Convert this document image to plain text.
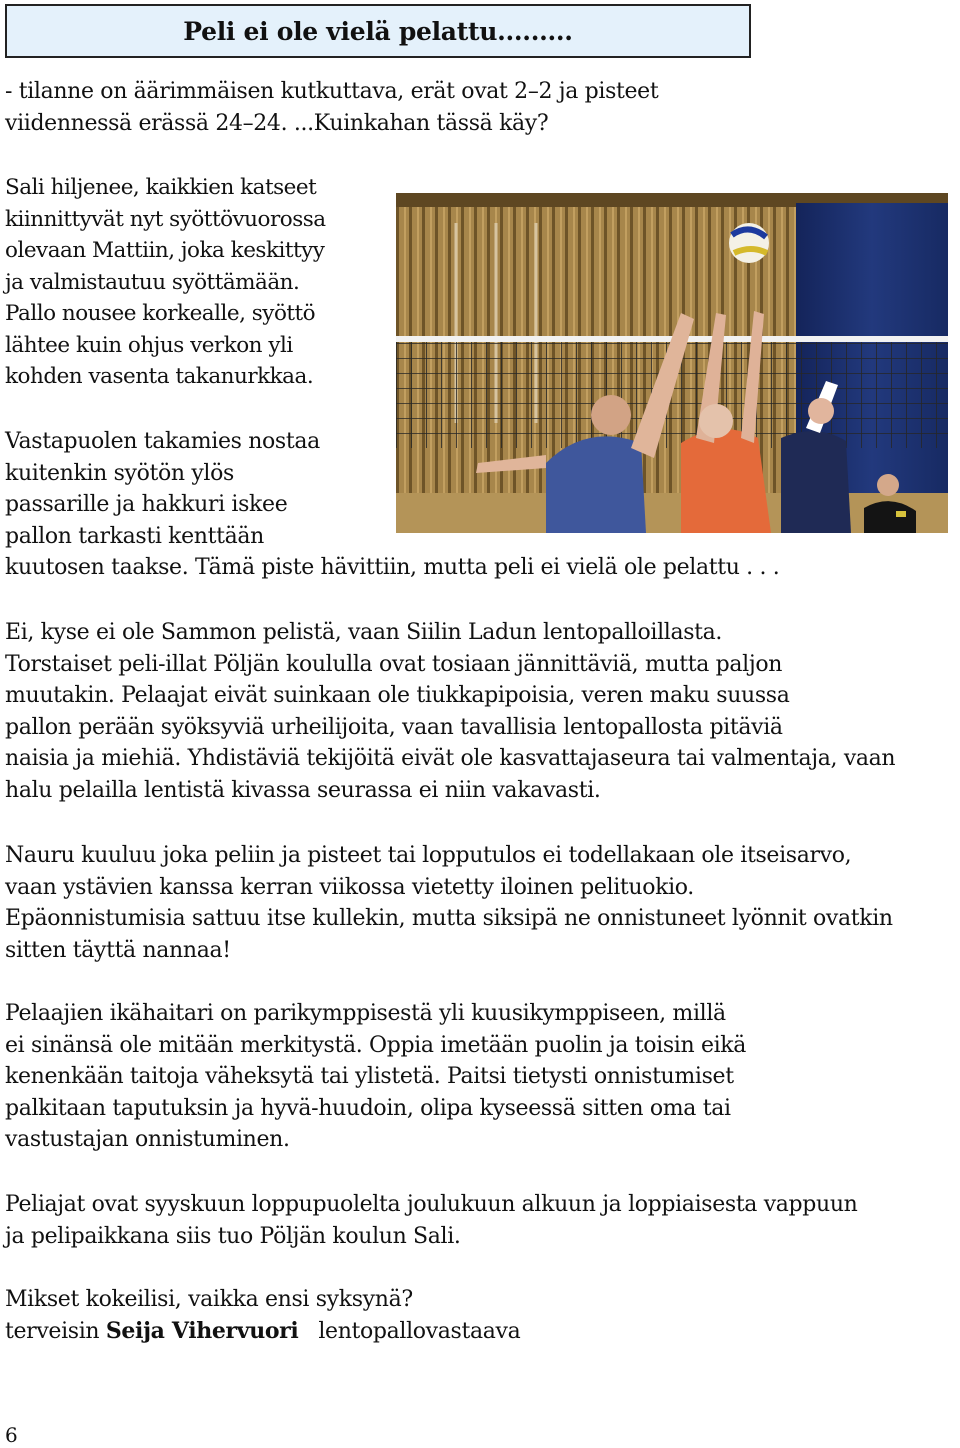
Peli ei ole vielä pelattu.........

- tilanne on äärimmäisen kutkuttava, erät ovat 2–2 ja pisteet
viidennessä erässä 24–24. ...Kuinkahan tässä käy?

Sali hiljenee, kaikkien katseet
kiinnittyvät nyt syöttövuorossa
olevaan Mattiin, joka keskittyy
ja valmistautuu syöttämään.
Pallo nousee korkealle, syöttö
lähtee kuin ohjus verkon yli
kohden vasenta takanurkkaa.

Vastapuolen takamies nostaa
kuitenkin syötön ylös
passarille ja hakkuri iskee
pallon tarkasti kenttään
kuutosen taakse. Tämä piste hävittiin, mutta peli ei vielä ole pelattu . . .

Ei, kyse ei ole Sammon pelistä, vaan Siilin Ladun lentopalloillasta.
Torstaiset peli-illat Pöljän koululla ovat tosiaan jännittäviä, mutta paljon
muutakin. Pelaajat eivät suinkaan ole tiukkapipoisia, veren maku suussa
pallon perään syöksyviä urheilijoita, vaan tavallisia lentopallosta pitäviä
naisia ja miehiä. Yhdistäviä tekijöitä eivät ole kasvattajaseura tai valmentaja, vaan
halu pelailla lentistä kivassa seurassa ei niin vakavasti.

Nauru kuuluu joka peliin ja pisteet tai lopputulos ei todellakaan ole itseisarvo,
vaan ystävien kanssa kerran viikossa vietetty iloinen pelituokio.
Epäonnistumisia sattuu itse kullekin, mutta siksipä ne onnistuneet lyönnit ovatkin
sitten täyttä nannaa!

Pelaajien ikähaitari on parikymppisestä yli kuusikymppiseen, millä
ei sinänsä ole mitään merkitystä. Oppia imetään puolin ja toisin eikä
kenenkään taitoja väheksytä tai ylistetä. Paitsi tietysti onnistumiset
palkitaan taputuksin ja hyvä-huudoin, olipa kyseessä sitten oma tai
vastustajan onnistuminen.

Peliajat ovat syyskuun loppupuolelta joulukuun alkuun ja loppiaisesta vappuun
ja pelipaikkana siis tuo Pöljän koulun Sali.

Mikset kokeilisi, vaikka ensi syksynä?
terveisin Seija Vihervuori lentopallovastaava

6
